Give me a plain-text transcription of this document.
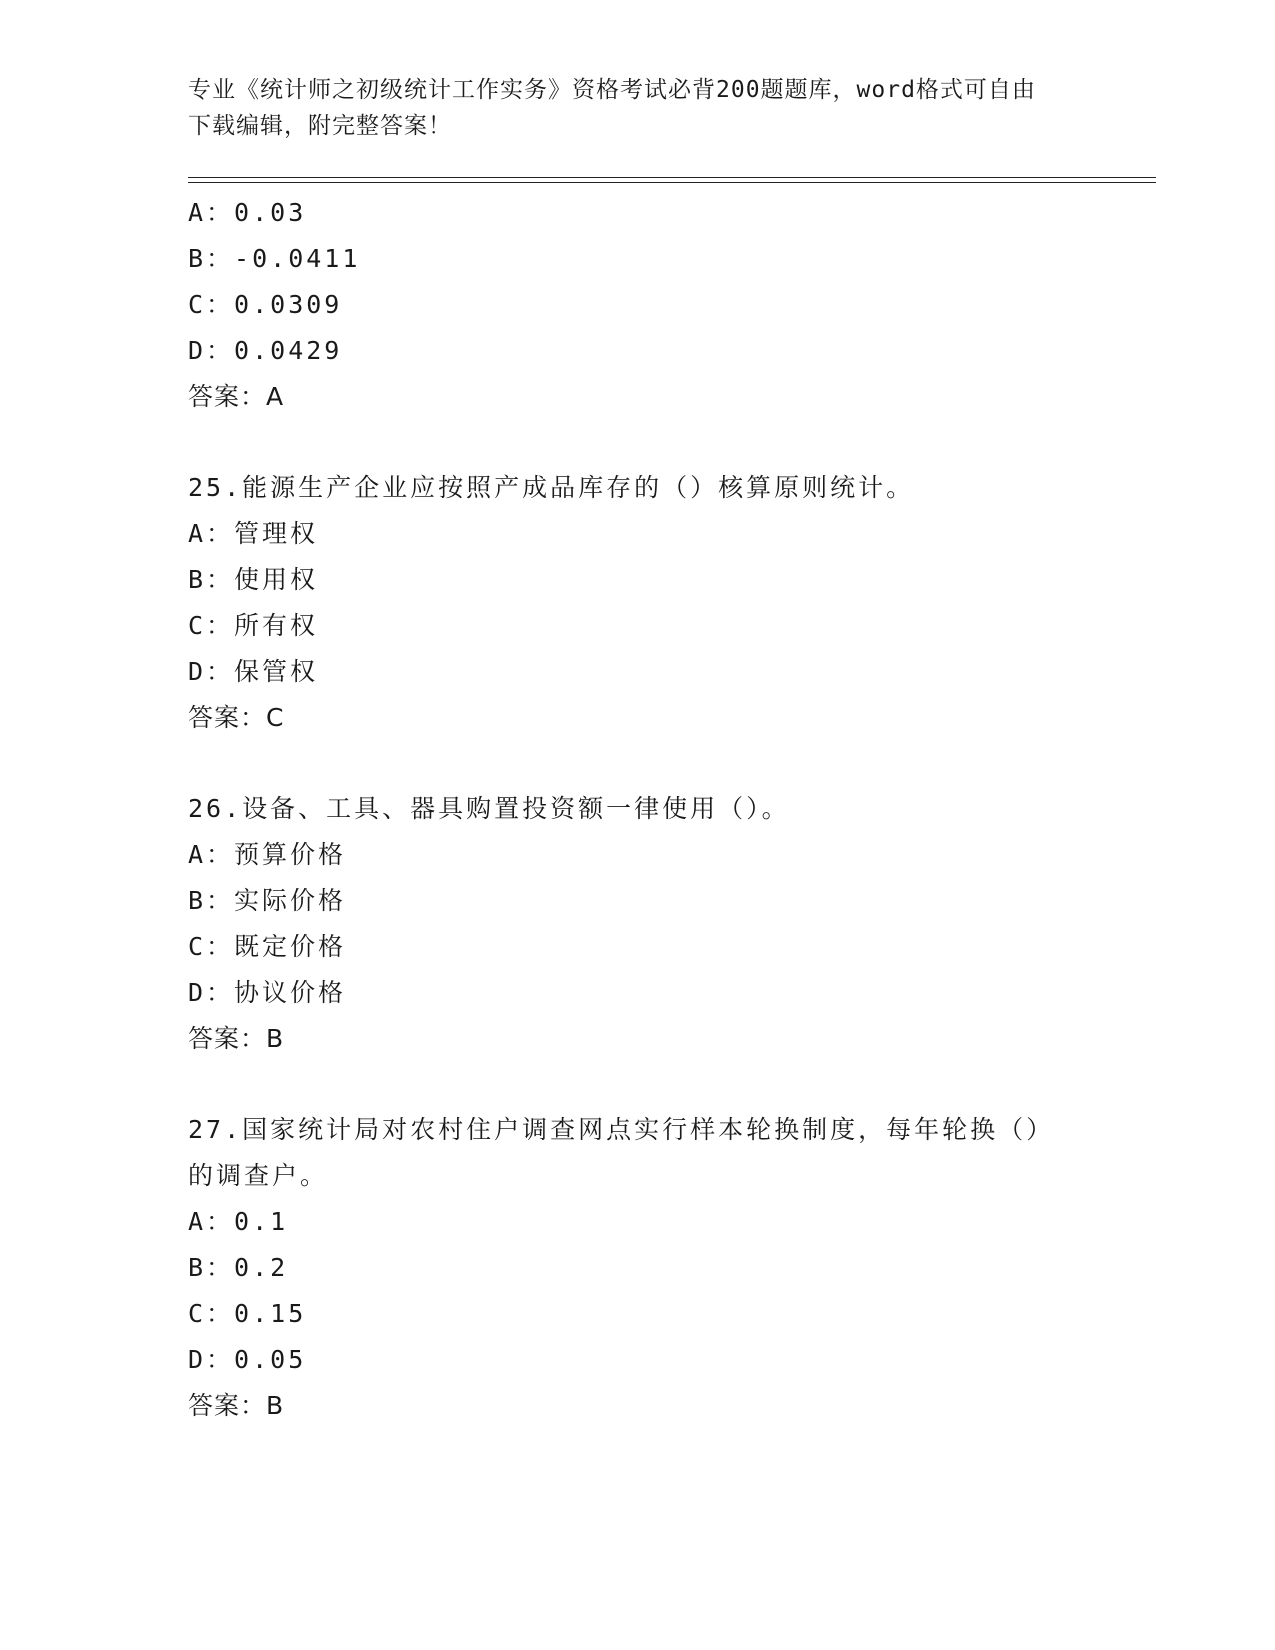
专业《统计师之初级统计工作实务》资格考试必背200题题库，word格式可自由
下载编辑，附完整答案！
A：0.03
B：-0.0411
C：0.0309
D：0.0429
答案：A
25.能源生产企业应按照产成品库存的（）核算原则统计。
A：管理权
B：使用权
C：所有权
D：保管权
答案：C
26.设备、工具、器具购置投资额一律使用（）。
A：预算价格
B：实际价格
C：既定价格
D：协议价格
答案：B
27.国家统计局对农村住户调查网点实行样本轮换制度，每年轮换（）
的调查户。
A：0.1
B：0.2
C：0.15
D：0.05
答案：B
